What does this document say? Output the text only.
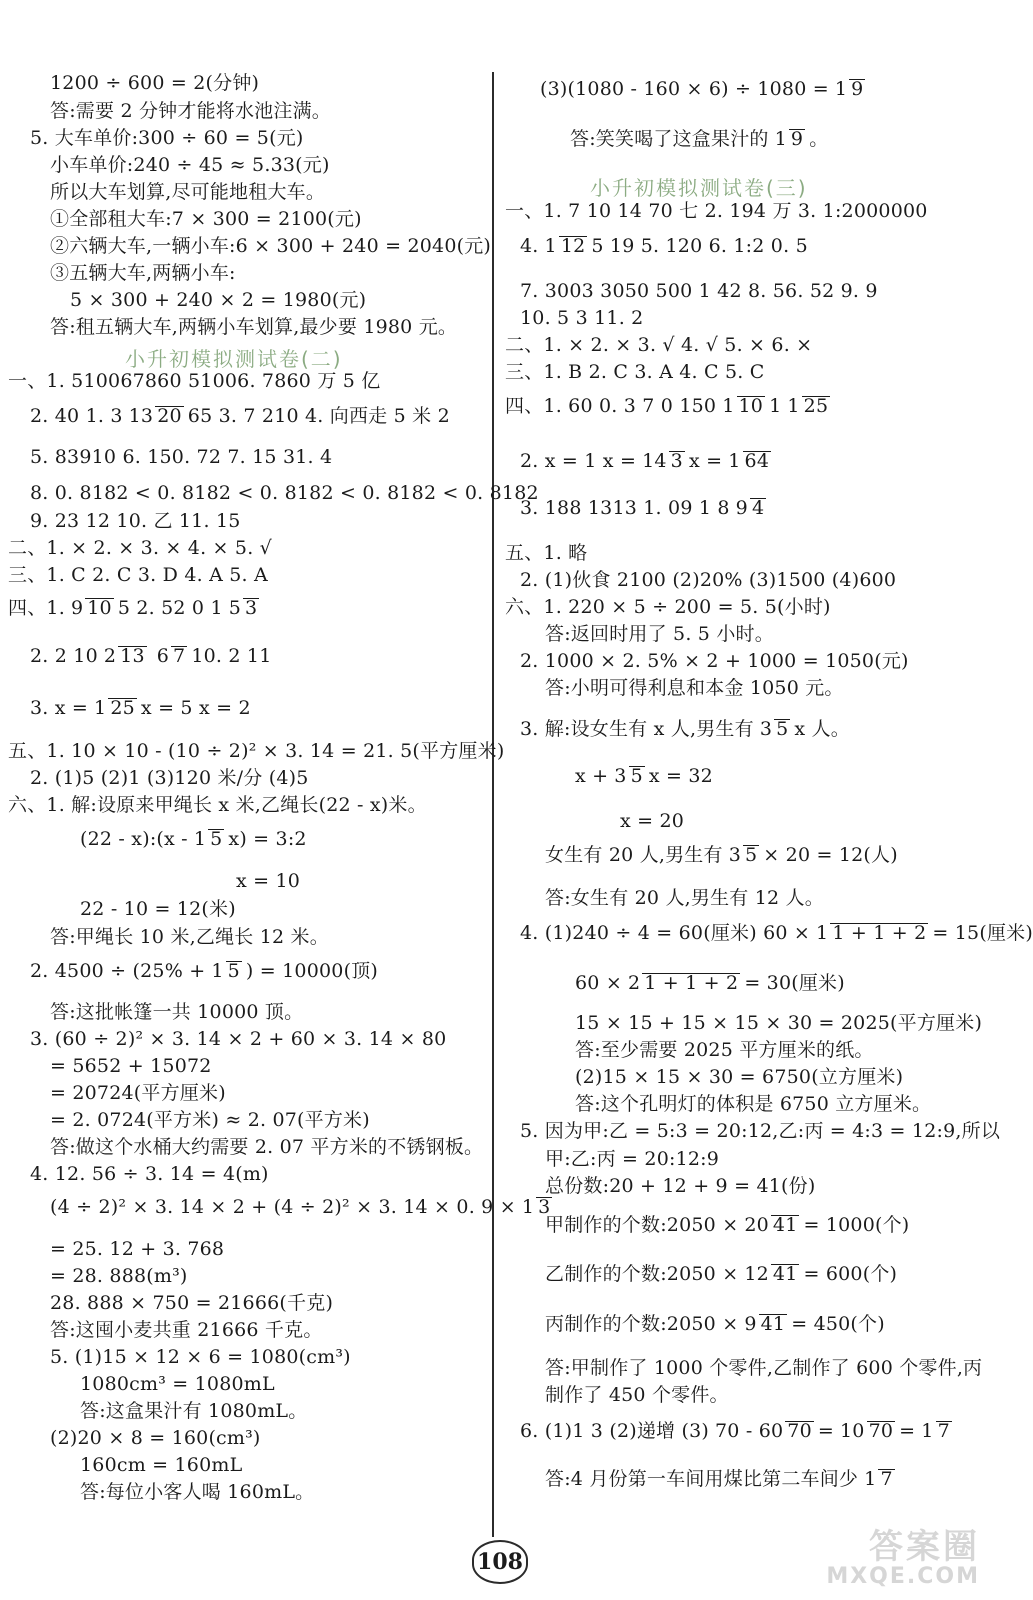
小升初模拟测试卷(二)
小升初模拟测试卷(三)
108	答案圈
MXQE.COM
1200 ÷ 600 = 2(分钟)
答:需要 2 分钟才能将水池注满。
5. 大车单价:300 ÷ 60 = 5(元)
小车单价:240 ÷ 45 ≈ 5.33(元)
所以大车划算,尽可能地租大车。
①全部租大车:7 × 300 = 2100(元)
②六辆大车,一辆小车:6 × 300 + 240 = 2040(元)
③五辆大车,两辆小车:
5 × 300 + 240 × 2 = 1980(元)
答:租五辆大车,两辆小车划算,最少要 1980 元。
一、1. 510067860 51006. 7860 万 5 亿
2. 40 1. 3 13 20 65 3. 7 210 4. 向西走 5 米 2
5. 83910 6. 150. 72 7. 15 31. 4
8. 0. 8182 < 0. 8182 < 0. 8182 < 0. 8182 < 0. 8182
9. 23 12 10. 乙 11. 15
二、1. × 2. × 3. × 4. × 5. √
三、1. C 2. C 3. D 4. A 5. A
四、1. 9 10 5 2. 52 0 1 5 3
2. 2 10 2 13 6 7 10. 2 11
3. x = 1 25 x = 5 x = 2
五、1. 10 × 10 - (10 ÷ 2)² × 3. 14 = 21. 5(平方厘米)
2. (1)5 (2)1 (3)120 米/分 (4)5
六、1. 解:设原来甲绳长 x 米,乙绳长(22 - x)米。
(22 - x):(x - 1 5 x) = 3:2
x = 10
22 - 10 = 12(米)
答:甲绳长 10 米,乙绳长 12 米。
2. 4500 ÷ (25% + 1 5 ) = 10000(顶)
答:这批帐篷一共 10000 顶。
3. (60 ÷ 2)² × 3. 14 × 2 + 60 × 3. 14 × 80
= 5652 + 15072
= 20724(平方厘米)
= 2. 0724(平方米) ≈ 2. 07(平方米)
答:做这个水桶大约需要 2. 07 平方米的不锈钢板。
4. 12. 56 ÷ 3. 14 = 4(m)
(4 ÷ 2)² × 3. 14 × 2 + (4 ÷ 2)² × 3. 14 × 0. 9 × 1 3
= 25. 12 + 3. 768
= 28. 888(m³)
28. 888 × 750 = 21666(千克)
答:这囤小麦共重 21666 千克。
5. (1)15 × 12 × 6 = 1080(cm³)
1080cm³ = 1080mL
答:这盒果汁有 1080mL。
(2)20 × 8 = 160(cm³)
160cm = 160mL
答:每位小客人喝 160mL。
(3)(1080 - 160 × 6) ÷ 1080 = 1 9
答:笑笑喝了这盒果汁的 1 9 。
一、1. 7 10 14 70 七 2. 194 万 3. 1:2000000
4. 1 12 5 19 5. 120 6. 1:2 0. 5
7. 3003 3050 500 1 42 8. 56. 52 9. 9
10. 5 3 11. 2
二、1. × 2. × 3. √ 4. √ 5. × 6. ×
三、1. B 2. C 3. A 4. C 5. C
四、1. 60 0. 3 7 0 150 1 10 1 1 25
2. x = 1 x = 14 3 x = 1 64
3. 188 1313 1. 09 1 8 9 4
五、1. 略
2. (1)伙食 2100 (2)20% (3)1500 (4)600
六、1. 220 × 5 ÷ 200 = 5. 5(小时)
答:返回时用了 5. 5 小时。
2. 1000 × 2. 5% × 2 + 1000 = 1050(元)
答:小明可得利息和本金 1050 元。
3. 解:设女生有 x 人,男生有 3 5 x 人。
x + 3 5 x = 32
x = 20
女生有 20 人,男生有 3 5 × 20 = 12(人)
答:女生有 20 人,男生有 12 人。
4. (1)240 ÷ 4 = 60(厘米) 60 × 1 1 + 1 + 2 = 15(厘米)
60 × 2 1 + 1 + 2 = 30(厘米)
15 × 15 + 15 × 15 × 30 = 2025(平方厘米)
答:至少需要 2025 平方厘米的纸。
(2)15 × 15 × 30 = 6750(立方厘米)
答:这个孔明灯的体积是 6750 立方厘米。
5. 因为甲:乙 = 5:3 = 20:12,乙:丙 = 4:3 = 12:9,所以
甲:乙:丙 = 20:12:9
总份数:20 + 12 + 9 = 41(份)
甲制作的个数:2050 × 20 41 = 1000(个)
乙制作的个数:2050 × 12 41 = 600(个)
丙制作的个数:2050 × 9 41 = 450(个)
答:甲制作了 1000 个零件,乙制作了 600 个零件,丙
制作了 450 个零件。
6. (1)1 3 (2)递增 (3) 70 - 60 70 = 10 70 = 1 7
答:4 月份第一车间用煤比第二车间少 1 7
